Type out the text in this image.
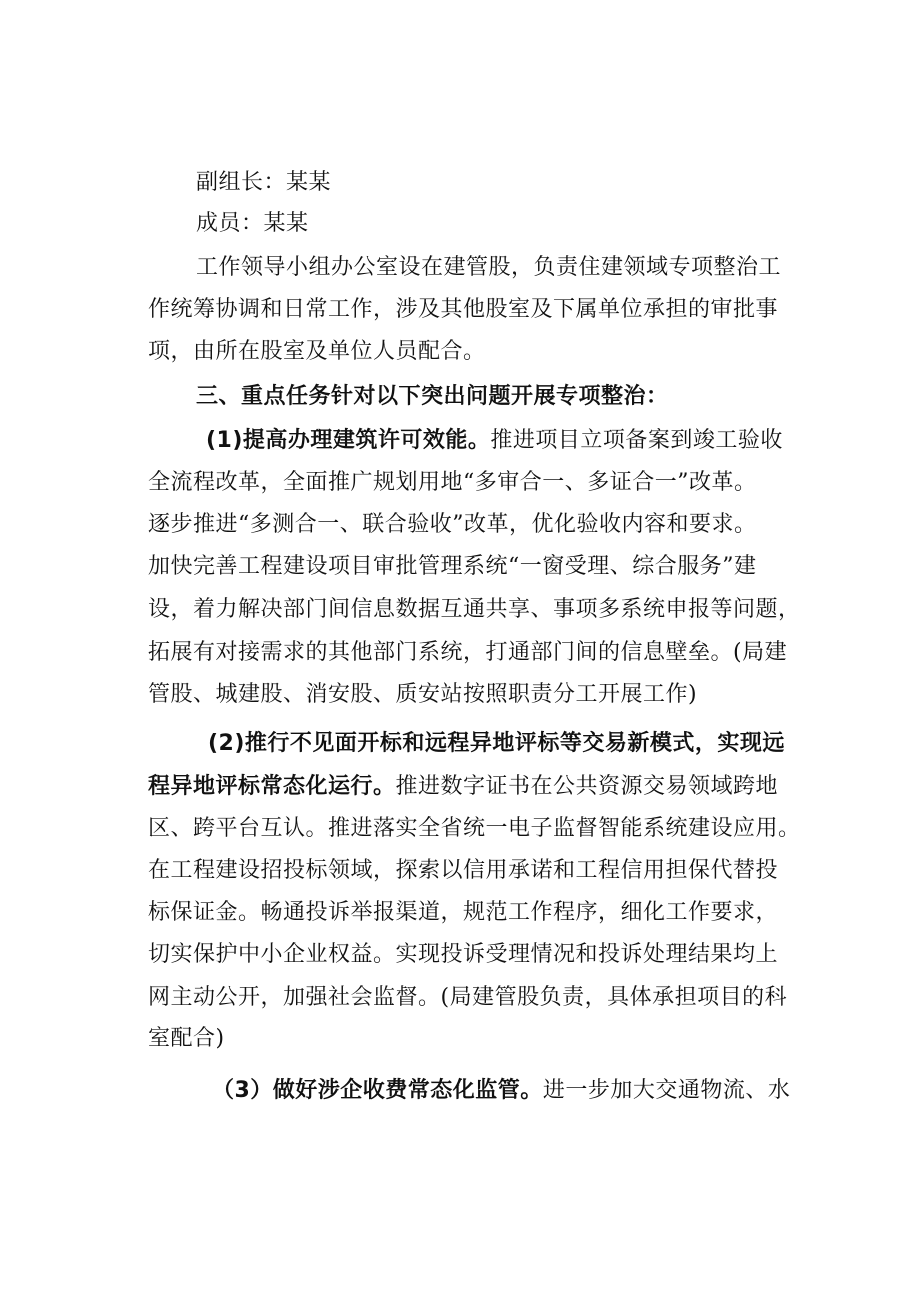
副组长：某某
成员：某某
工作领导小组办公室设在建管股，负责住建领域专项整治工
作统筹协调和日常工作，涉及其他股室及下属单位承担的审批事
项，由所在股室及单位人员配合。
三、重点任务针对以下突出问题开展专项整治：
(1)提高办理建筑许可效能。推进项目立项备案到竣工验收
全流程改革，全面推广规划用地“多审合一、多证合一”改革。
逐步推进“多测合一、联合验收”改革，优化验收内容和要求。
加快完善工程建设项目审批管理系统“一窗受理、综合服务”建
设，着力解决部门间信息数据互通共享、事项多系统申报等问题，
拓展有对接需求的其他部门系统，打通部门间的信息壁垒。(局建
管股、城建股、消安股、质安站按照职责分工开展工作)
(2)推行不见面开标和远程异地评标等交易新模式，实现远
程异地评标常态化运行。推进数字证书在公共资源交易领域跨地
区、跨平台互认。推进落实全省统一电子监督智能系统建设应用。
在工程建设招投标领域，探索以信用承诺和工程信用担保代替投
标保证金。畅通投诉举报渠道，规范工作程序，细化工作要求，
切实保护中小企业权益。实现投诉受理情况和投诉处理结果均上
网主动公开，加强社会监督。(局建管股负责，具体承担项目的科
室配合)
（3）做好涉企收费常态化监管。进一步加大交通物流、水
